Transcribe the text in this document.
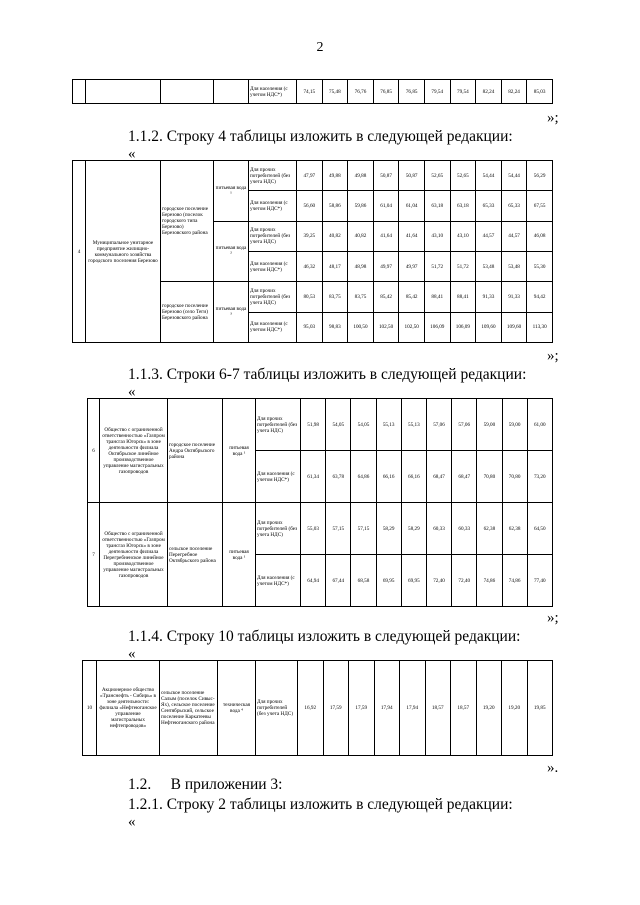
2
				Для населения (с учетом НДС*)	74,15	75,48	76,76	76,85	76,85	79,54	79,54	82,24	82,24	85,03
»;
1.1.2. Строку 4 таблицы изложить в следующей редакции:
«
4	Муниципальное унитарное предприятие жилищно-коммунального хозяйства городского поселения Березово	городское поселение Березово (поселок городского типа Березово) Березовского района	питьевая вода ¹	Для прочих потребителей (без учета НДС)	47,97	49,88	49,88	50,87	50,87	52,65	52,65	54,44	54,44	56,29
				Для населения (с учетом НДС*)	56,60	58,86	59,86	61,04	61,04	63,18	63,18	65,33	65,33	67,55
			питьевая вода ²	Для прочих потребителей (без учета НДС)	39,25	40,82	40,82	41,64	41,64	43,10	43,10	44,57	44,57	46,08
				Для населения (с учетом НДС*)	46,32	48,17	48,98	49,97	49,97	51,72	51,72	53,48	53,48	55,30
		городское поселение Березово (село Теги) Березовского района	питьевая вода ³	Для прочих потребителей (без учета НДС)	80,53	83,75	83,75	85,42	85,42	88,41	88,41	91,33	91,33	94,42
				Для населения (с учетом НДС*)	95,03	98,83	100,50	102,50	102,50	106,09	106,09	109,60	109,60	113,30
»;
1.1.3. Строки 6-7 таблицы изложить в следующей редакции:
«
6	Общество с ограниченной ответственностью «Газпром трансгаз Югорск» в зоне деятельности филиала Октябрьское линейное производственное управление магистральных газопроводов	городское поселение Андра Октябрьского района	питьевая вода ¹	Для прочих потребителей (без учета НДС)	51,98	54,05	54,05	55,13	55,13	57,06	57,06	59,00	59,00	61,00
				Для населения (с учетом НДС*)	61,34	63,78	64,86	66,16	66,16	68,47	68,47	70,80	70,80	73,20
7	Общество с ограниченной ответственностью «Газпром трансгаз Югорск» в зоне деятельности филиала Перегребненское линейное производственное управление магистральных газопроводов	сельское поселение Перегребное Октябрьского района	питьевая вода ¹	Для прочих потребителей (без учета НДС)	55,03	57,15	57,15	58,29	58,29	60,33	60,33	62,38	62,38	64,50
				Для населения (с учетом НДС*)	64,94	67,44	68,58	69,95	69,95	72,40	72,40	74,86	74,86	77,40
»;
1.1.4. Строку 10 таблицы изложить в следующей редакции:
«
10	Акционерное общество «Транснефть - Сибирь» в зоне деятельности: филиала «Нефтеюганское управление магистральных нефтепроводов»	сельское поселение Салым (поселок Сивыс-Ях), сельское поселение Сентябрьский, сельское поселение Каркатеевы Нефтеюганского района	техническая вода ⁴	Для прочих потребителей (без учета НДС)	16,92	17,59	17,59	17,94	17,94	18,57	18,57	19,20	19,20	19,85
».
1.2.     В приложении 3:
1.2.1. Строку 2 таблицы изложить в следующей редакции:
«
